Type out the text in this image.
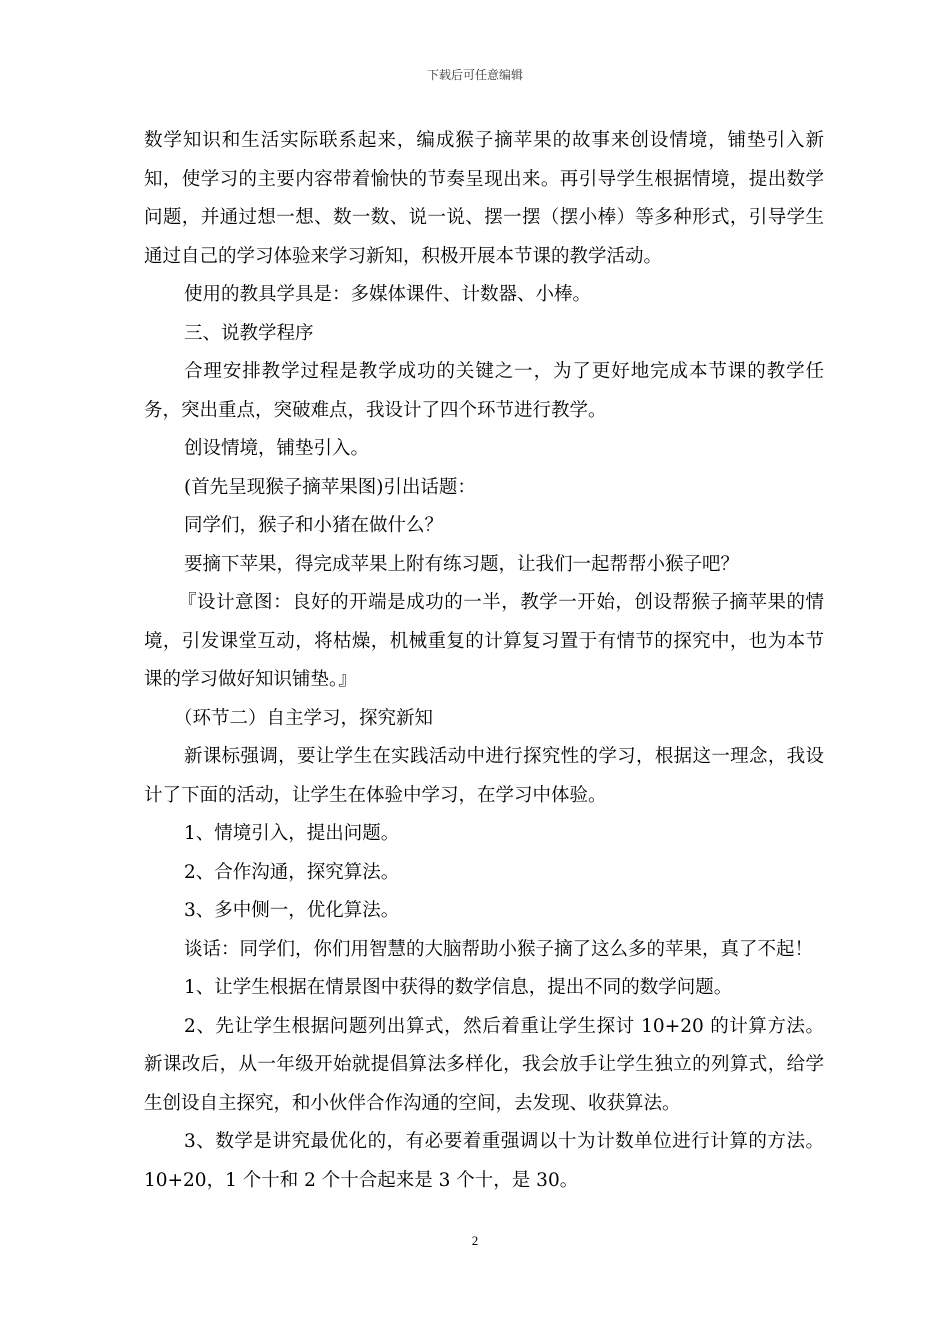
下载后可任意编辑

数学知识和生活实际联系起来，编成猴子摘苹果的故事来创设情境，铺垫引入新知，使学习的主要内容带着愉快的节奏呈现出来。再引导学生根据情境，提出数学问题，并通过想一想、数一数、说一说、摆一摆（摆小棒）等多种形式，引导学生通过自己的学习体验来学习新知，积极开展本节课的教学活动。

使用的教具学具是：多媒体课件、计数器、小棒。

三、说教学程序

合理安排教学过程是教学成功的关键之一，为了更好地完成本节课的教学任务，突出重点，突破难点，我设计了四个环节进行教学。

创设情境，铺垫引入。

(首先呈现猴子摘苹果图)引出话题：

同学们，猴子和小猪在做什么？

要摘下苹果，得完成苹果上附有练习题，让我们一起帮帮小猴子吧？

『设计意图：良好的开端是成功的一半，教学一开始，创设帮猴子摘苹果的情境，引发课堂互动，将枯燥，机械重复的计算复习置于有情节的探究中，也为本节课的学习做好知识铺垫。』

（环节二）自主学习，探究新知

新课标强调，要让学生在实践活动中进行探究性的学习，根据这一理念，我设计了下面的活动，让学生在体验中学习，在学习中体验。

1、情境引入，提出问题。

2、合作沟通，探究算法。

3、多中侧一，优化算法。

谈话：同学们，你们用智慧的大脑帮助小猴子摘了这么多的苹果，真了不起！

1、让学生根据在情景图中获得的数学信息，提出不同的数学问题。

2、先让学生根据问题列出算式，然后着重让学生探讨 10+20 的计算方法。新课改后，从一年级开始就提倡算法多样化，我会放手让学生独立的列算式，给学生创设自主探究，和小伙伴合作沟通的空间，去发现、收获算法。

3、数学是讲究最优化的，有必要着重强调以十为计数单位进行计算的方法。10+20，1 个十和 2 个十合起来是 3 个十，是 30。

2
